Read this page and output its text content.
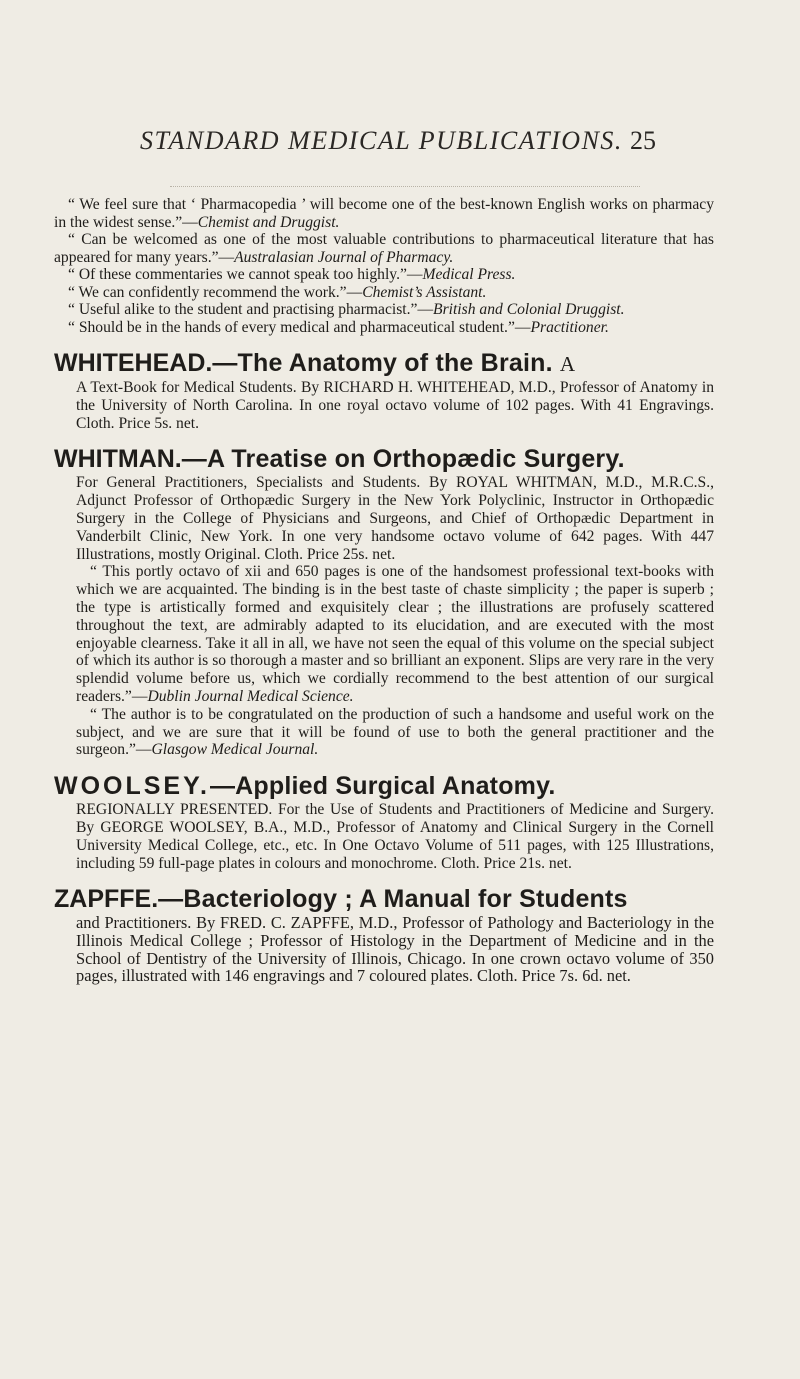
STANDARD MEDICAL PUBLICATIONS. 25

“ We feel sure that ‘ Pharmacopedia ’ will become one of the best-known English works on pharmacy in the widest sense.”—Chemist and Druggist.

“ Can be welcomed as one of the most valuable contributions to pharmaceutical literature that has appeared for many years.”—Australasian Journal of Pharmacy.

“ Of these commentaries we cannot speak too highly.”—Medical Press.

“ We can confidently recommend the work.”—Chemist’s Assistant.

“ Useful alike to the student and practising pharmacist.”—British and Colonial Druggist.

“ Should be in the hands of every medical and pharmaceutical student.”—Practitioner.

WHITEHEAD.—The Anatomy of the Brain. A

A Text-Book for Medical Students. By RICHARD H. WHITEHEAD, M.D., Professor of Anatomy in the University of North Carolina. In one royal octavo volume of 102 pages. With 41 Engravings. Cloth. Price 5s. net.

WHITMAN.—A Treatise on Orthopædic Surgery.

For General Practitioners, Specialists and Students. By ROYAL WHITMAN, M.D., M.R.C.S., Adjunct Professor of Orthopædic Surgery in the New York Polyclinic, Instructor in Orthopædic Surgery in the College of Physicians and Surgeons, and Chief of Orthopædic Department in Vanderbilt Clinic, New York. In one very handsome octavo volume of 642 pages. With 447 Illustrations, mostly Original. Cloth. Price 25s. net.

“ This portly octavo of xii and 650 pages is one of the handsomest professional text-books with which we are acquainted. The binding is in the best taste of chaste simplicity ; the paper is superb ; the type is artistically formed and exquisitely clear ; the illustrations are profusely scattered throughout the text, are admirably adapted to its elucidation, and are executed with the most enjoyable clearness. Take it all in all, we have not seen the equal of this volume on the special subject of which its author is so thorough a master and so brilliant an exponent. Slips are very rare in the very splendid volume before us, which we cordially recommend to the best attention of our surgical readers.”—Dublin Journal Medical Science.

“ The author is to be congratulated on the production of such a handsome and useful work on the subject, and we are sure that it will be found of use to both the general practitioner and the surgeon.”—Glasgow Medical Journal.

WOOLSEY.—Applied Surgical Anatomy.

REGIONALLY PRESENTED. For the Use of Students and Practitioners of Medicine and Surgery. By GEORGE WOOLSEY, B.A., M.D., Professor of Anatomy and Clinical Surgery in the Cornell University Medical College, etc., etc. In One Octavo Volume of 511 pages, with 125 Illustrations, including 59 full-page plates in colours and monochrome. Cloth. Price 21s. net.

ZAPFFE.—Bacteriology ; A Manual for Students

and Practitioners. By FRED. C. ZAPFFE, M.D., Professor of Pathology and Bacteriology in the Illinois Medical College ; Professor of Histology in the Department of Medicine and in the School of Dentistry of the University of Illinois, Chicago. In one crown octavo volume of 350 pages, illustrated with 146 engravings and 7 coloured plates. Cloth. Price 7s. 6d. net.
